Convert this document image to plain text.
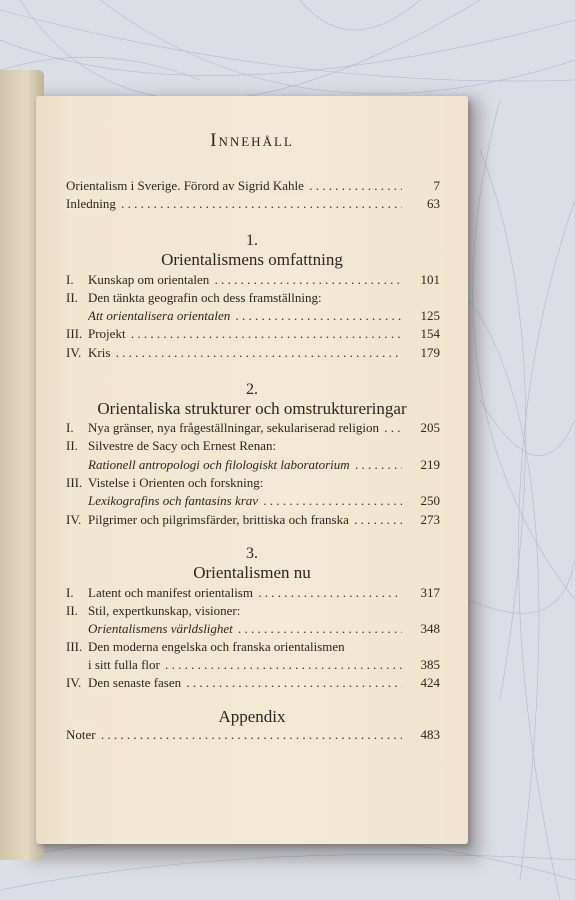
Innehåll
Orientalism i Sverige. Förord av Sigrid Kahle . . .	7
Inledning . . .	63
1.
Orientalismens omfattning
I. Kunskap om orientalen . . .	101
II. Den tänkta geografin och dess framställning:
Att orientalisera orientalen . . .	125
III. Projekt . . .	154
IV. Kris . . .	179
2.
Orientaliska strukturer och omstruktureringar
I. Nya gränser, nya frågeställningar, sekulariserad religion . . .	205
II. Silvestre de Sacy och Ernest Renan:
Rationell antropologi och filologiskt laboratorium . . .	219
III. Vistelse i Orienten och forskning:
Lexikografins och fantasins krav . . .	250
IV. Pilgrimer och pilgrimsfärder, brittiska och franska . . .	273
3.
Orientalismen nu
I. Latent och manifest orientalism . . .	317
II. Stil, expertkunskap, visioner:
Orientalismens världslighet . . .	348
III. Den moderna engelska och franska orientalismen
i sitt fulla flor . . .	385
IV. Den senaste fasen . . .	424
Appendix
Noter . . .	483
